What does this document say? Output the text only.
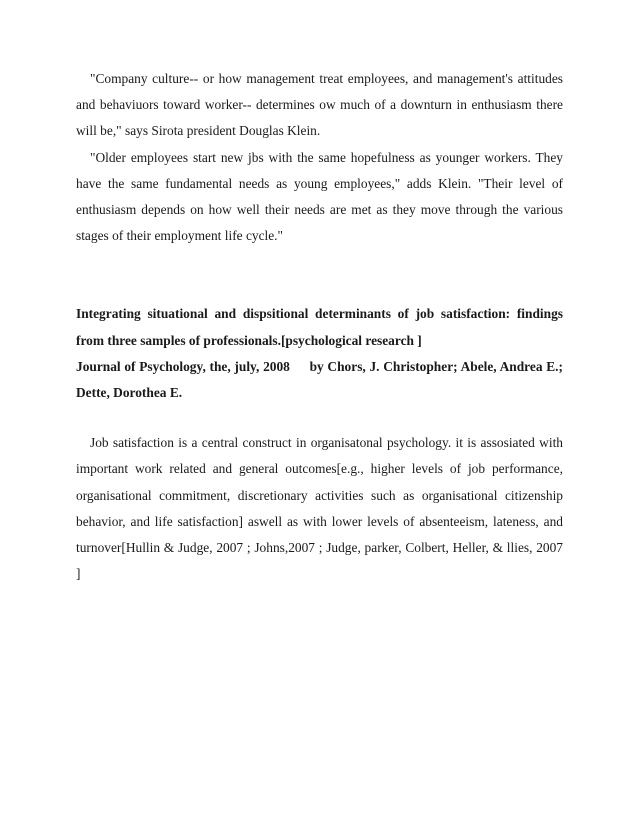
"Company culture-- or how management treat employees, and management's attitudes and behaviuors toward worker-- determines ow much of a downturn in enthusiasm there will be," says Sirota president Douglas Klein.

"Older employees start new jbs with the same hopefulness as younger workers. They have the same fundamental needs as young employees," adds Klein. "Their level of enthusiasm depends on how well their needs are met as they move through the various stages of their employment life cycle."

Integrating situational and dispsitional determinants of job satisfaction: findings from three samples of professionals.[psychological research ]

Journal of Psychology, the, july, 2008 by Chors, J. Christopher; Abele, Andrea E.; Dette, Dorothea E.

Job satisfaction is a central construct in organisatonal psychology. it is assosiated with important work related and general outcomes[e.g., higher levels of job performance, organisational commitment, discretionary activities such as organisational citizenship behavior, and life satisfaction] aswell as with lower levels of absenteeism, lateness, and turnover[Hullin & Judge, 2007 ; Johns,2007 ; Judge, parker, Colbert, Heller, & llies, 2007 ]
